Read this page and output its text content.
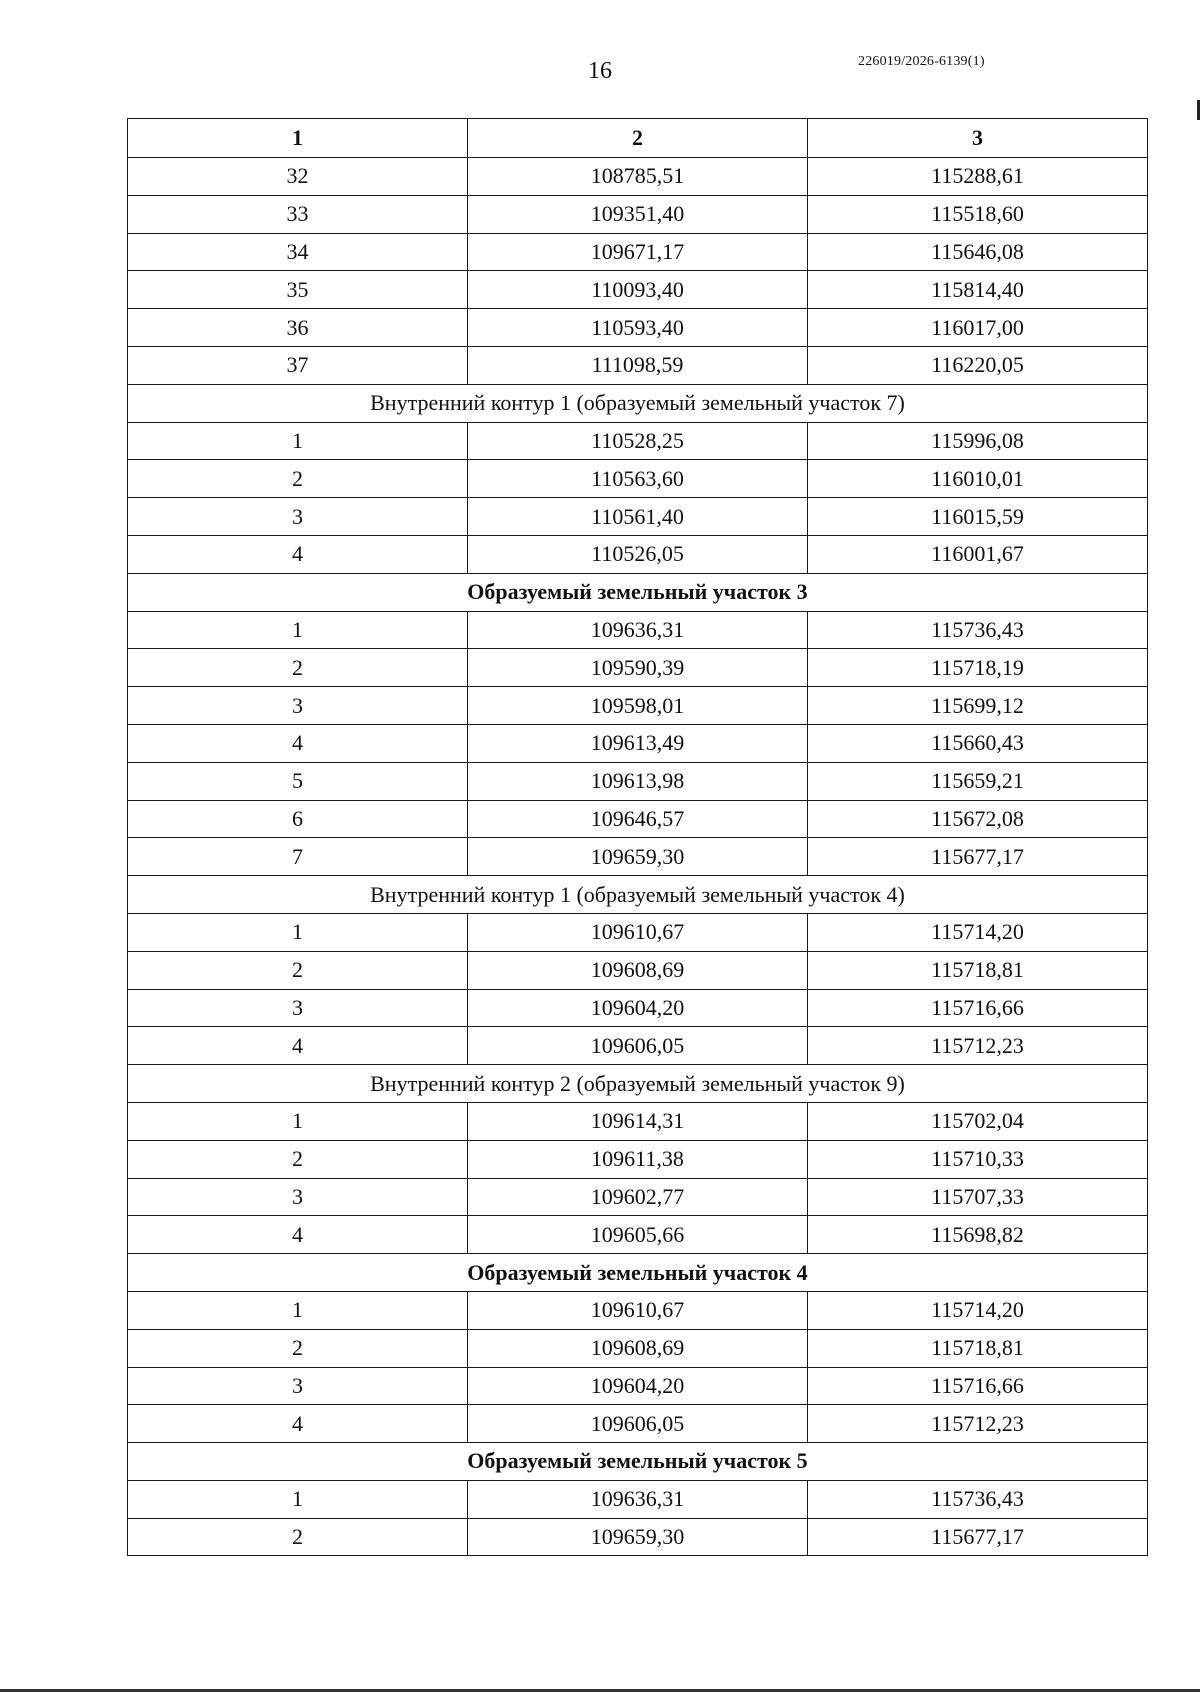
16	226019/2026-6139(1)
1	2	3
32	108785,51	115288,61
33	109351,40	115518,60
34	109671,17	115646,08
35	110093,40	115814,40
36	110593,40	116017,00
37	111098,59	116220,05
Внутренний контур 1 (образуемый земельный участок 7)		
1	110528,25	115996,08
2	110563,60	116010,01
3	110561,40	116015,59
4	110526,05	116001,67
Образуемый земельный участок 3		
1	109636,31	115736,43
2	109590,39	115718,19
3	109598,01	115699,12
4	109613,49	115660,43
5	109613,98	115659,21
6	109646,57	115672,08
7	109659,30	115677,17
Внутренний контур 1 (образуемый земельный участок 4)		
1	109610,67	115714,20
2	109608,69	115718,81
3	109604,20	115716,66
4	109606,05	115712,23
Внутренний контур 2 (образуемый земельный участок 9)		
1	109614,31	115702,04
2	109611,38	115710,33
3	109602,77	115707,33
4	109605,66	115698,82
Образуемый земельный участок 4		
1	109610,67	115714,20
2	109608,69	115718,81
3	109604,20	115716,66
4	109606,05	115712,23
Образуемый земельный участок 5		
1	109636,31	115736,43
2	109659,30	115677,17
